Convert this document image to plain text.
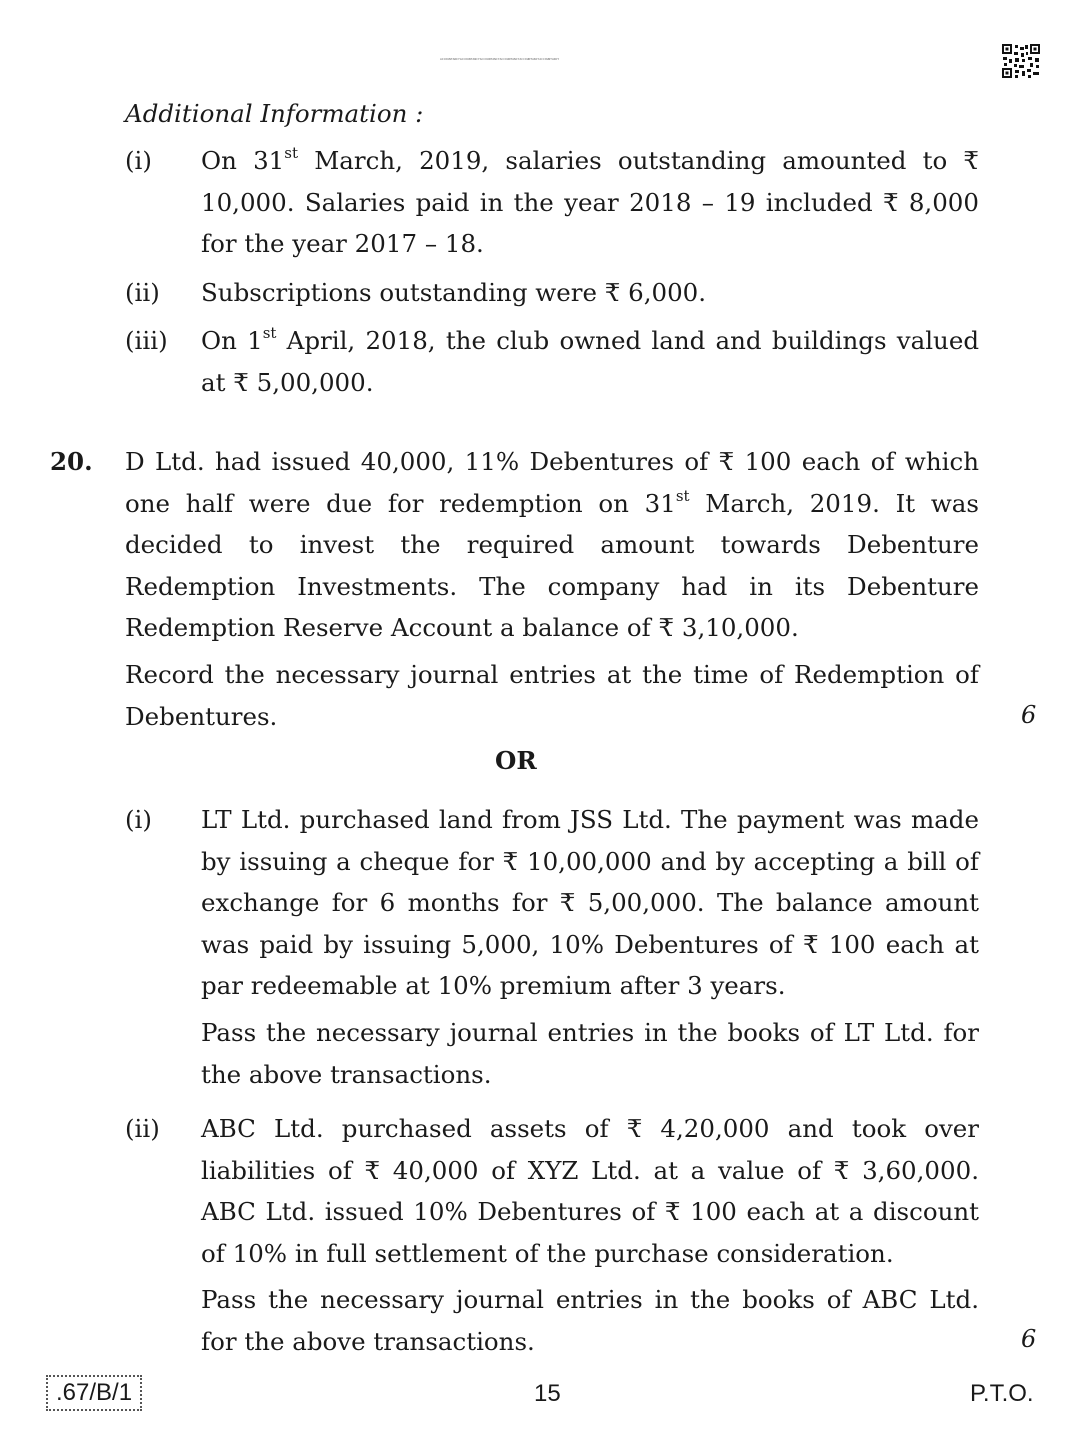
ACCOUNTANCYACCOUNTANCYACCOUNTANCYACCOUNTANCYACCOUNTANCYACCOUNTANCY
Additional Information :
(i) On 31st March, 2019, salaries outstanding amounted to ₹ 10,000. Salaries paid in the year 2018 – 19 included ₹ 8,000 for the year 2017 – 18.
(ii) Subscriptions outstanding were ₹ 6,000.
(iii) On 1st April, 2018, the club owned land and buildings valued at ₹ 5,00,000.
20. D Ltd. had issued 40,000, 11% Debentures of ₹ 100 each of which one half were due for redemption on 31st March, 2019. It was decided to invest the required amount towards Debenture Redemption Investments. The company had in its Debenture Redemption Reserve Account a balance of ₹ 3,10,000.
Record the necessary journal entries at the time of Redemption of Debentures.	6
OR
(i) LT Ltd. purchased land from JSS Ltd. The payment was made by issuing a cheque for ₹ 10,00,000 and by accepting a bill of exchange for 6 months for ₹ 5,00,000. The balance amount was paid by issuing 5,000, 10% Debentures of ₹ 100 each at par redeemable at 10% premium after 3 years.
Pass the necessary journal entries in the books of LT Ltd. for the above transactions.
(ii) ABC Ltd. purchased assets of ₹ 4,20,000 and took over liabilities of ₹ 40,000 of XYZ Ltd. at a value of ₹ 3,60,000. ABC Ltd. issued 10% Debentures of ₹ 100 each at a discount of 10% in full settlement of the purchase consideration.
Pass the necessary journal entries in the books of ABC Ltd. for the above transactions.	6
.67/B/1	15	P.T.O.
